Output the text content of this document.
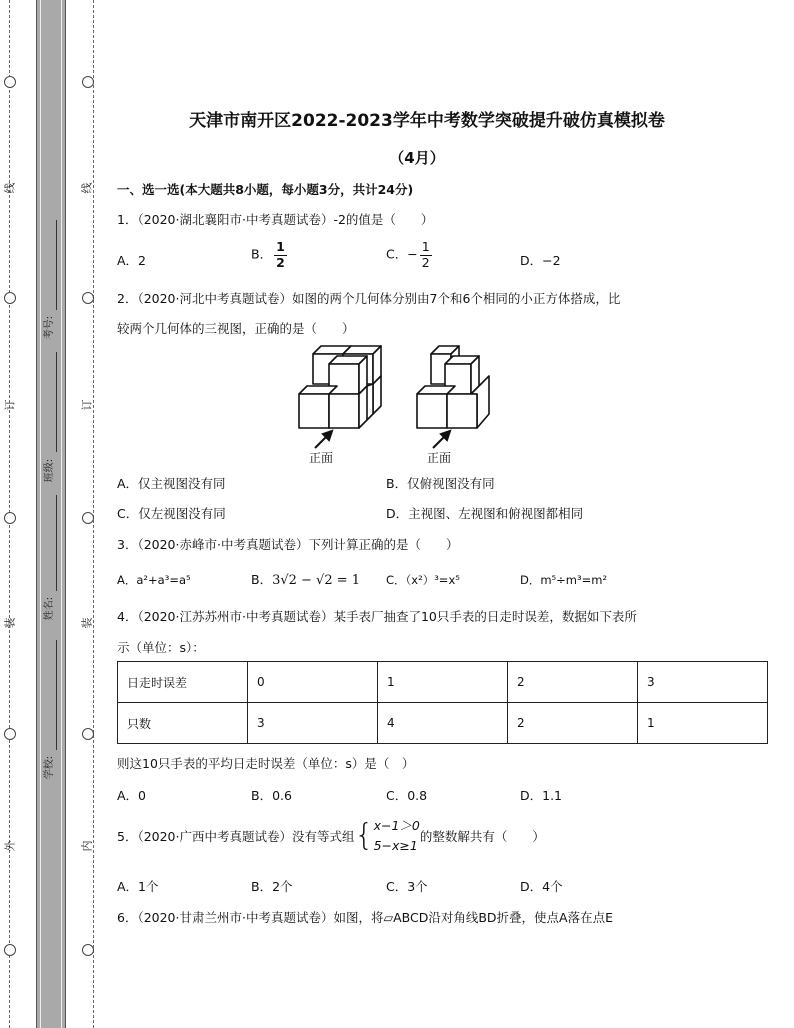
线
订
装
外
线
订
装
内
考号:
班级:
姓名:
学校:
天津市南开区2022-2023学年中考数学突破提升破仿真模拟卷
（4月）
一、选一选(本大题共8小题，每小题3分，共计24分)
1．（2020·湖北襄阳市·中考真题试卷）-2的值是（　　）
A．2	B． $\frac{1}{2}$	C．− $\frac{1}{2}$	D．−2
2．（2020·河北中考真题试卷）如图的两个几何体分别由7个和6个相同的小正方体搭成，比
较两个几何体的三视图，正确的是（　　）
正面	正面
A．仅主视图没有同	B．仅俯视图没有同
C．仅左视图没有同	D．主视图、左视图和俯视图都相同
3．（2020·赤峰市·中考真题试卷）下列计算正确的是（　　）
A．a²+a³=a⁵	B．3√2 − √2 = 1 C．（x²）³=x⁵	D．m⁵÷m³=m²
4．（2020·江苏苏州市·中考真题试卷）某手表厂抽查了10只手表的日走时误差，数据如下表所
示（单位：s）：
日走时误差	0	1	2	3
只数	3	4	2	1
则这10只手表的平均日走时误差（单位：s）是（　）
A．0	B．0.6	C．0.8	D．1.1
5．（2020·广西中考真题试卷）没有等式组{ x−1＞0
5−x≥1
的整数解共有（　　）
A．1个	B．2个	C．3个	D．4个
6．（2020·甘肃兰州市·中考真题试卷）如图，将▱ABCD沿对角线BD折叠，使点A落在点E
